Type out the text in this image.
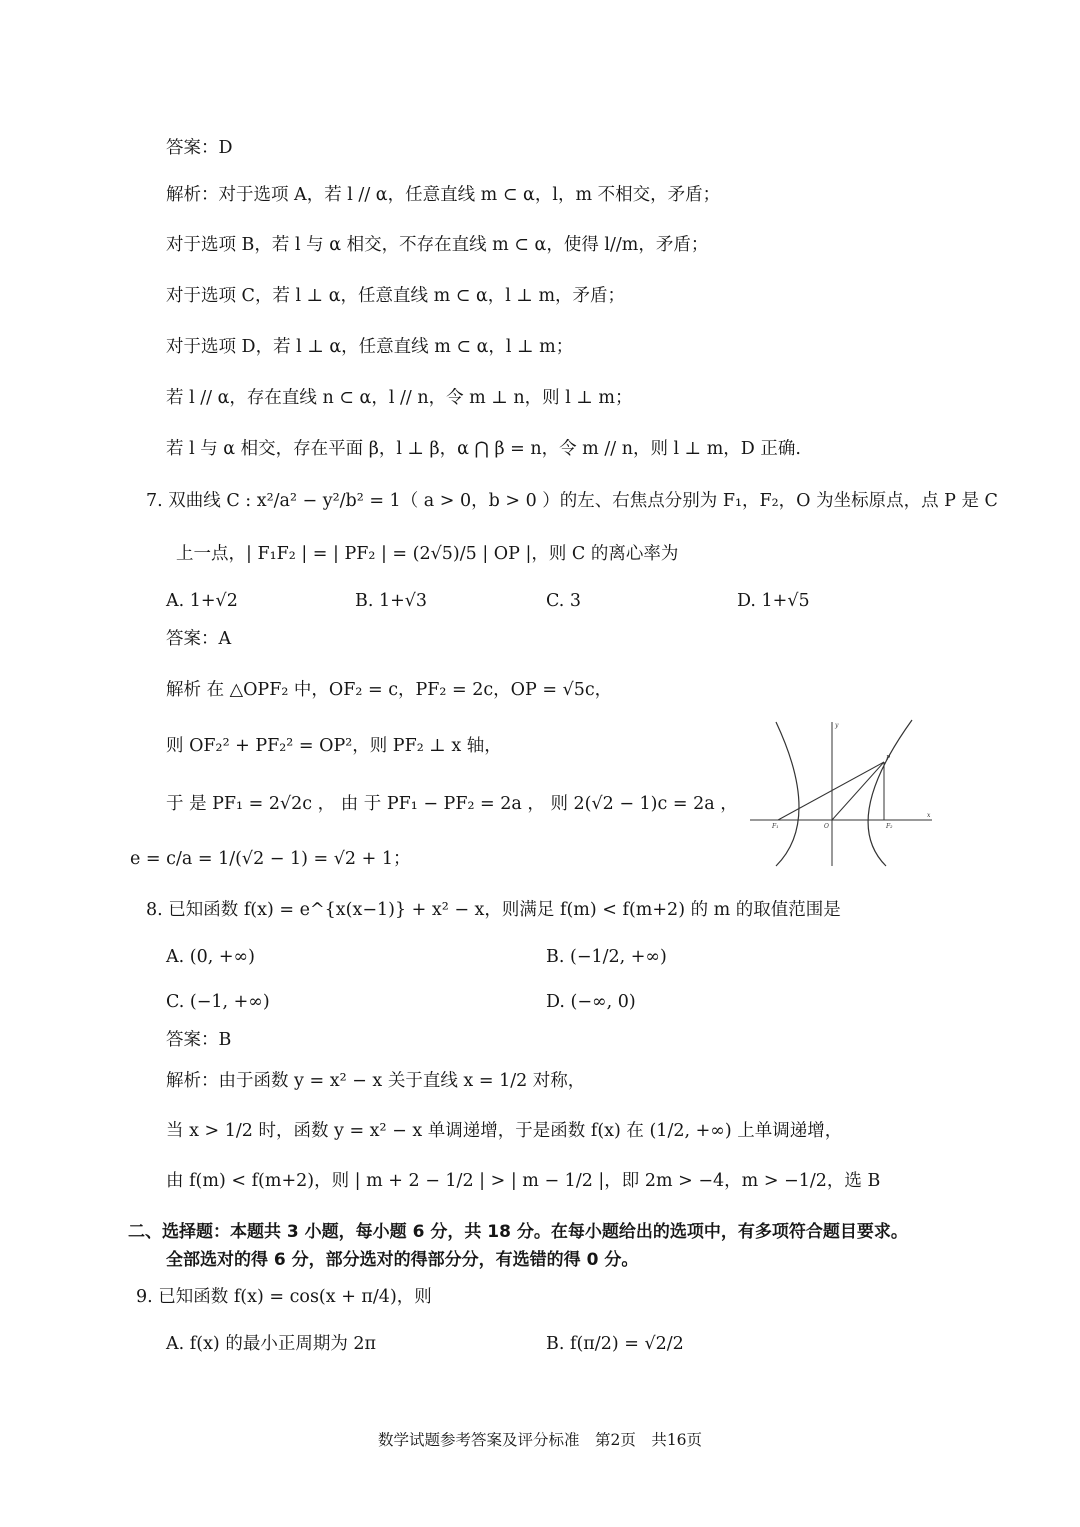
答案：D
解析：对于选项 A，若 l // α，任意直线 m ⊂ α，l，m 不相交，矛盾；
对于选项 B，若 l 与 α 相交，不存在直线 m ⊂ α，使得 l//m，矛盾；
对于选项 C，若 l ⊥ α，任意直线 m ⊂ α，l ⊥ m，矛盾；
对于选项 D，若 l ⊥ α，任意直线 m ⊂ α，l ⊥ m；
若 l // α，存在直线 n ⊂ α，l // n，令 m ⊥ n，则 l ⊥ m；
若 l 与 α 相交，存在平面 β，l ⊥ β，α ⋂ β = n，令 m // n，则 l ⊥ m，D 正确.
7. 双曲线 C : x²/a² − y²/b² = 1（ a > 0，b > 0 ）的左、右焦点分别为 F₁，F₂，O 为坐标原点，点 P 是 C
上一点，| F₁F₂ | = | PF₂ | = (2√5)/5 | OP |，则 C 的离心率为
A. 1+√2	B. 1+√3	C. 3	D. 1+√5
答案：A
解析 在 △OPF₂ 中，OF₂ = c，PF₂ = 2c，OP = √5c，
则 OF₂² + PF₂² = OP²，则 PF₂ ⊥ x 轴，
于 是 PF₁ = 2√2c ， 由 于 PF₁ − PF₂ = 2a ， 则 2(√2 − 1)c = 2a ，
e = c/a = 1/(√2 − 1) = √2 + 1；
y
x
P
F₁	O	F₂
8. 已知函数 f(x) = e^{x(x−1)} + x² − x，则满足 f(m) < f(m+2) 的 m 的取值范围是
A. (0, +∞)	B. (−1/2, +∞)
C. (−1, +∞)	D. (−∞, 0)
答案：B
解析：由于函数 y = x² − x 关于直线 x = 1/2 对称，
当 x > 1/2 时，函数 y = x² − x 单调递增，于是函数 f(x) 在 (1/2, +∞) 上单调递增，
由 f(m) < f(m+2)，则 | m + 2 − 1/2 | > | m − 1/2 |，即 2m > −4，m > −1/2，选 B
二、选择题：本题共 3 小题，每小题 6 分，共 18 分。在每小题给出的选项中，有多项符合题目要求。
全部选对的得 6 分，部分选对的得部分分，有选错的得 0 分。
9. 已知函数 f(x) = cos(x + π/4)，则
A. f(x) 的最小正周期为 2π	B. f(π/2) = √2/2
数学试题参考答案及评分标准　第2页　共16页
